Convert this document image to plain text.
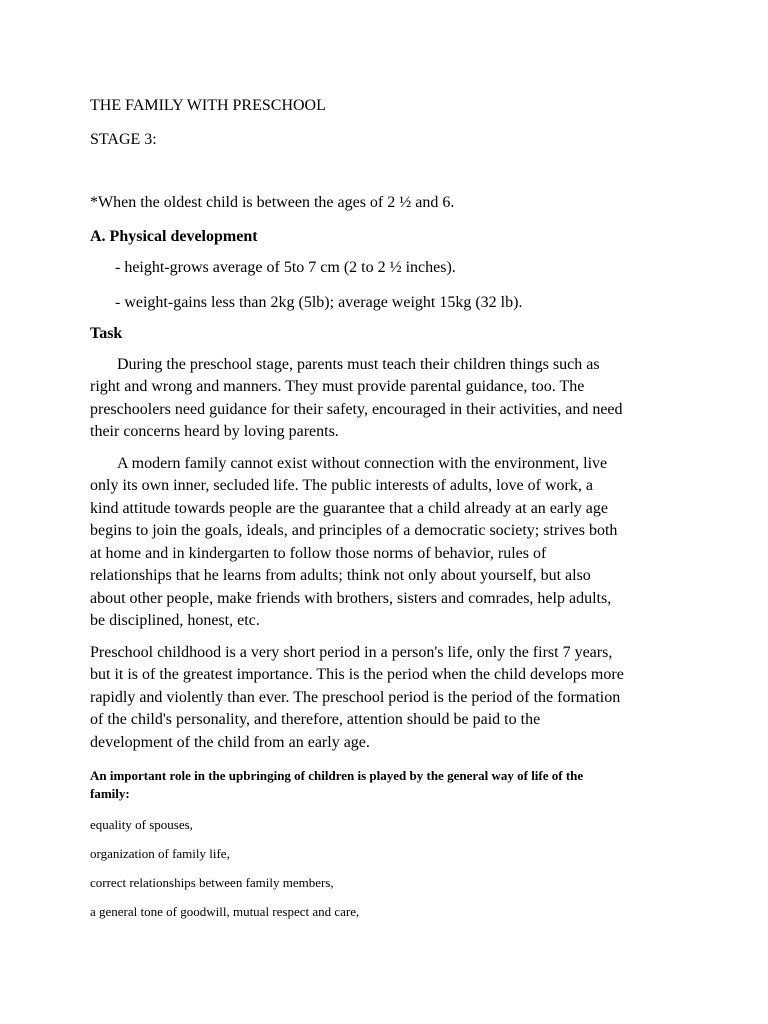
THE FAMILY WITH PRESCHOOL

STAGE 3:

*When the oldest child is between the ages of 2 ½ and 6.

A. Physical development

- height-grows average of 5to 7 cm (2 to 2 ½ inches).

- weight-gains less than 2kg (5lb); average weight 15kg (32 lb).

Task

During the preschool stage, parents must teach their children things such as
right and wrong and manners. They must provide parental guidance, too. The
preschoolers need guidance for their safety, encouraged in their activities, and need
their concerns heard by loving parents.
A modern family cannot exist without connection with the environment, live
only its own inner, secluded life. The public interests of adults, love of work, a
kind attitude towards people are the guarantee that a child already at an early age
begins to join the goals, ideals, and principles of a democratic society; strives both
at home and in kindergarten to follow those norms of behavior, rules of
relationships that he learns from adults; think not only about yourself, but also
about other people, make friends with brothers, sisters and comrades, help adults,
be disciplined, honest, etc.
Preschool childhood is a very short period in a person's life, only the first 7 years,
but it is of the greatest importance. This is the period when the child develops more
rapidly and violently than ever. The preschool period is the period of the formation
of the child's personality, and therefore, attention should be paid to the
development of the child from an early age.
An important role in the upbringing of children is played by the general way of life of the
family:

equality of spouses,

organization of family life,

correct relationships between family members,

a general tone of goodwill, mutual respect and care,
